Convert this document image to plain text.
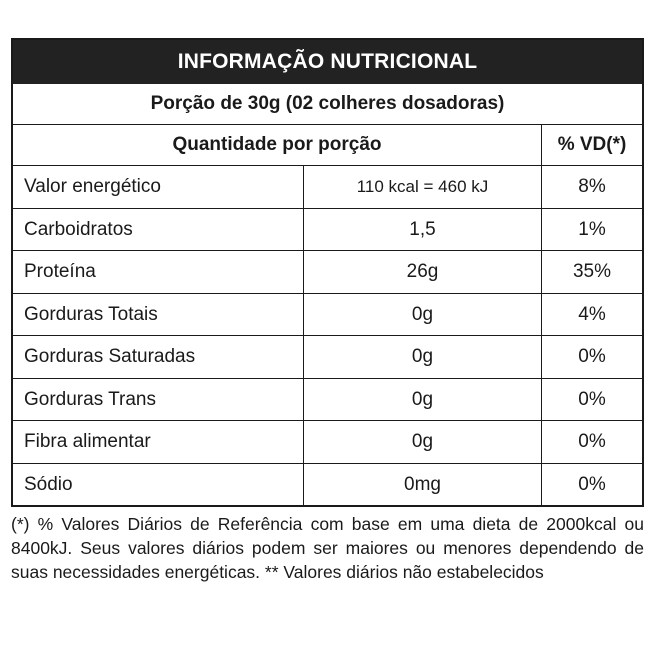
INFORMAÇÃO NUTRICIONAL
Porção de 30g (02 colheres dosadoras)
Quantidade por porção	% VD(*)
Valor energético	110 kcal = 460 kJ	8%
Carboidratos	1,5	1%
Proteína	26g	35%
Gorduras Totais	0g	4%
Gorduras Saturadas	0g	0%
Gorduras Trans	0g	0%
Fibra alimentar	0g	0%
Sódio	0mg	0%
(*) % Valores Diários de Referência com base em uma dieta de 2000kcal ou 8400kJ. Seus valores diários podem ser maiores ou menores dependendo de suas necessidades energéticas. ** Valores diários não estabelecidos
